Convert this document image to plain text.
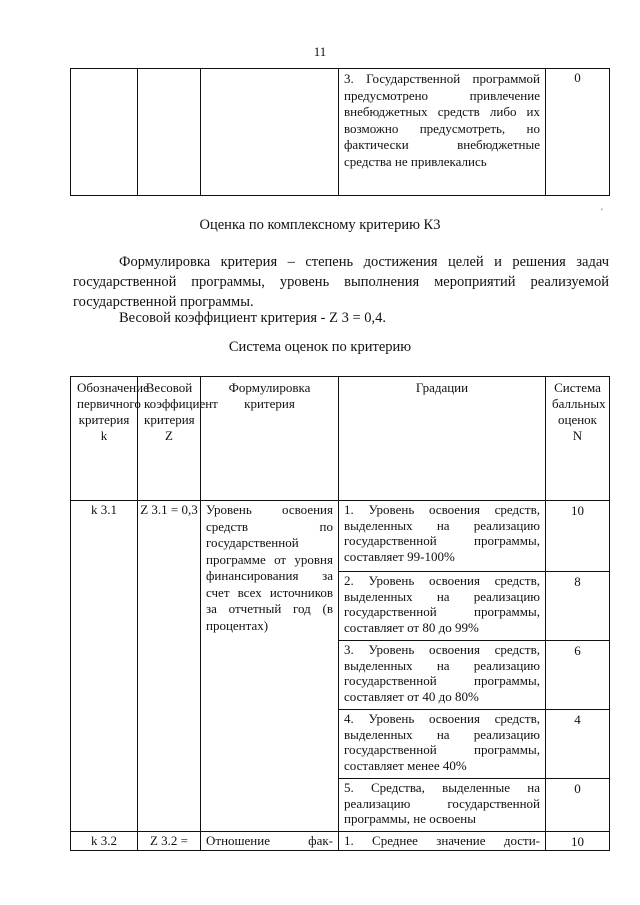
11
			3. Государственной программой предусмотрено привлечение внебюджетных средств либо их возможно предусмотреть, но фактически внебюджетные средства не привлекались	0
′

Оценка по комплексному критерию К3

Формулировка критерия – степень достижения целей и решения задач государственной программы, уровень выполнения мероприятий реализуемой государственной программы.

Весовой коэффициент критерия - Z 3 = 0,4.

Система оценок по критерию

Обозначение первичного критерия k	Весовой коэффициент критерия Z	Формулировка критерия	Градации	Система балльных оценок N
k 3.1	Z 3.1 = 0,3	Уровень освоения средств по государственной программе от уровня финансирования за счет всех источников за отчетный год (в процентах)	1. Уровень освоения средств, выделенных на реализацию государственной программы, составляет 99-100%	10
			2. Уровень освоения средств, выделенных на реализацию государственной программы, составляет от 80 до 99%	8
			3. Уровень освоения средств, выделенных на реализацию государственной программы, составляет от 40 до 80%	6
			4. Уровень освоения средств, выделенных на реализацию государственной программы, составляет менее 40%	4
			5. Средства, выделенные на реализацию государственной программы, не освоены	0
k 3.2	Z 3.2 =	Отношение фак-	1. Среднее значение дости-	10
